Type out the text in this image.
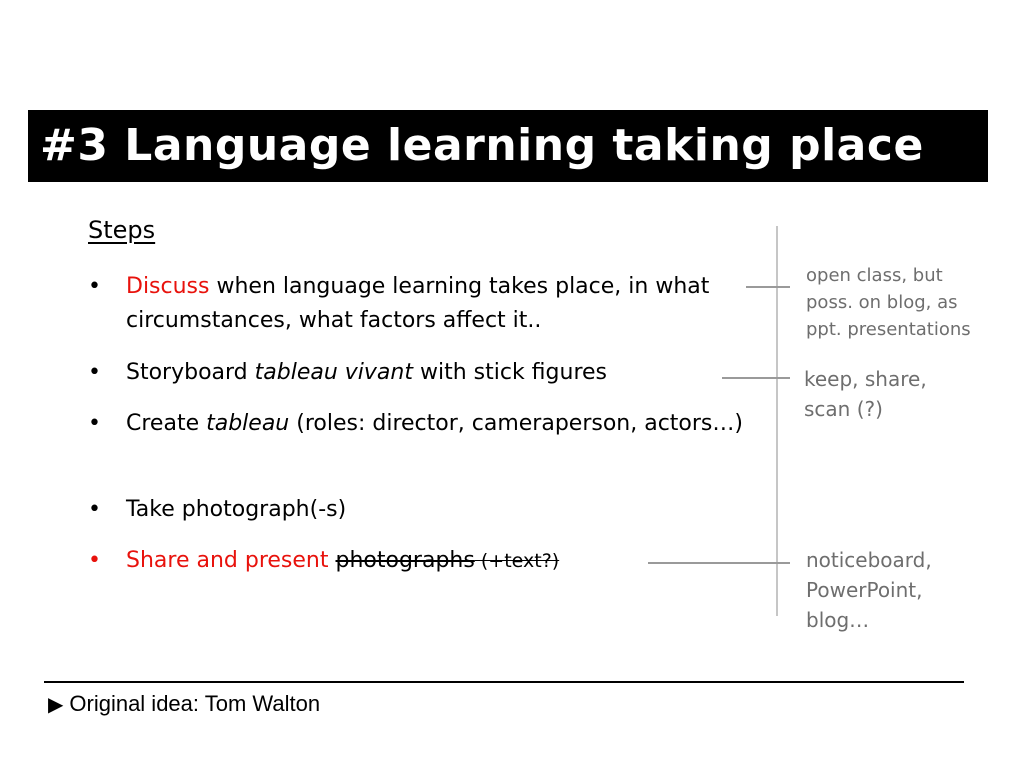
#3 Language learning taking place
Steps
• Discuss when language learning takes place, in what circumstances, what factors affect it..
• Storyboard tableau vivant with stick figures
• Create tableau (roles: director, cameraperson, actors…)
• Take photograph(-s)
• Share and present photographs (+text?)
open class, but
poss. on blog, as
ppt. presentations
keep, share,
scan (?)
noticeboard,
PowerPoint,
blog…
▶ Original idea: Tom Walton
